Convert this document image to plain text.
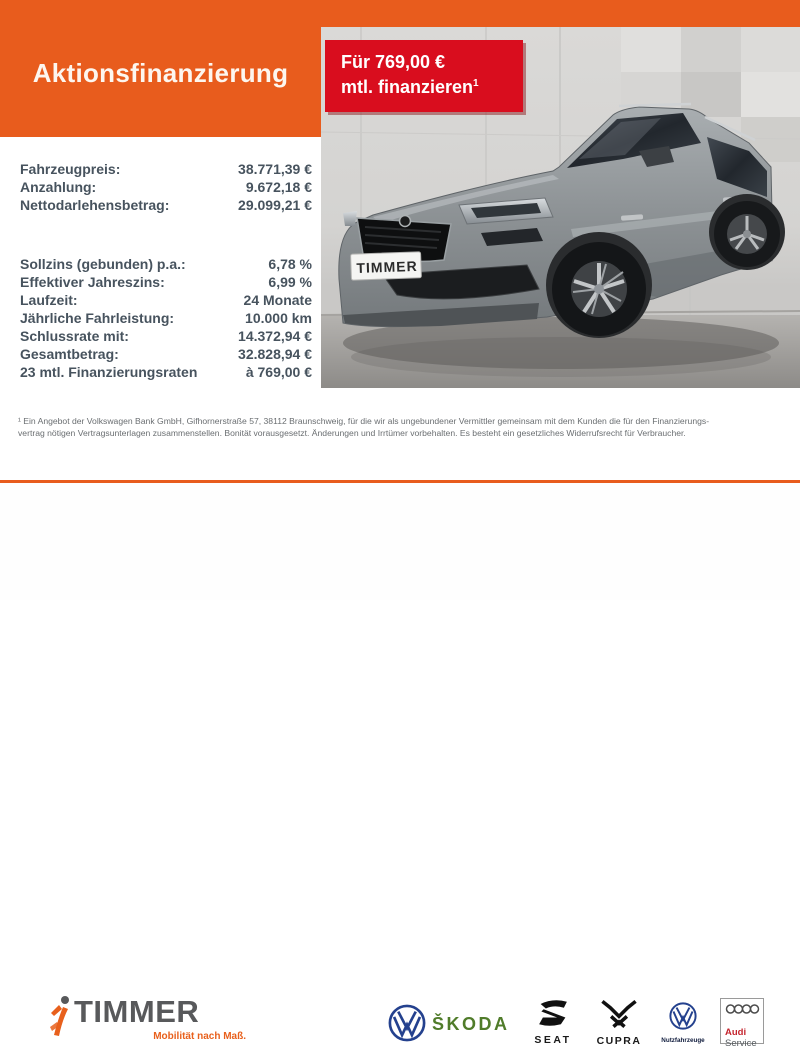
Aktionsfinanzierung
TIMMER
Für 769,00 €
mtl. finanzieren$^1$
Fahrzeugpreis:	38.771,39 €
Anzahlung:	9.672,18 €
Nettodarlehensbetrag:	29.099,21 €
Sollzins (gebunden) p.a.:	6,78 %
Effektiver Jahreszins:	6,99 %
Laufzeit:	24 Monate
Jährliche Fahrleistung:	10.000 km
Schlussrate mit:	14.372,94 €
Gesamtbetrag:	32.828,94 €
23 mtl. Finanzierungsraten	à 769,00 €
¹ Ein Angebot der Volkswagen Bank GmbH, Gifhornerstraße 57, 38112 Braunschweig, für die wir als ungebundener Vermittler gemeinsam mit dem Kunden die für den Finanzierungs-
vertrag nötigen Vertragsunterlagen zusammenstellen. Bonität vorausgesetzt. Änderungen und Irrtümer vorbehalten. Es besteht ein gesetzliches Widerrufsrecht für Verbraucher.
TIMMER
Mobilität nach Maß.
ŠKODA
SEAT	CUPRA	Nutzfahrzeuge
Audi
Service
